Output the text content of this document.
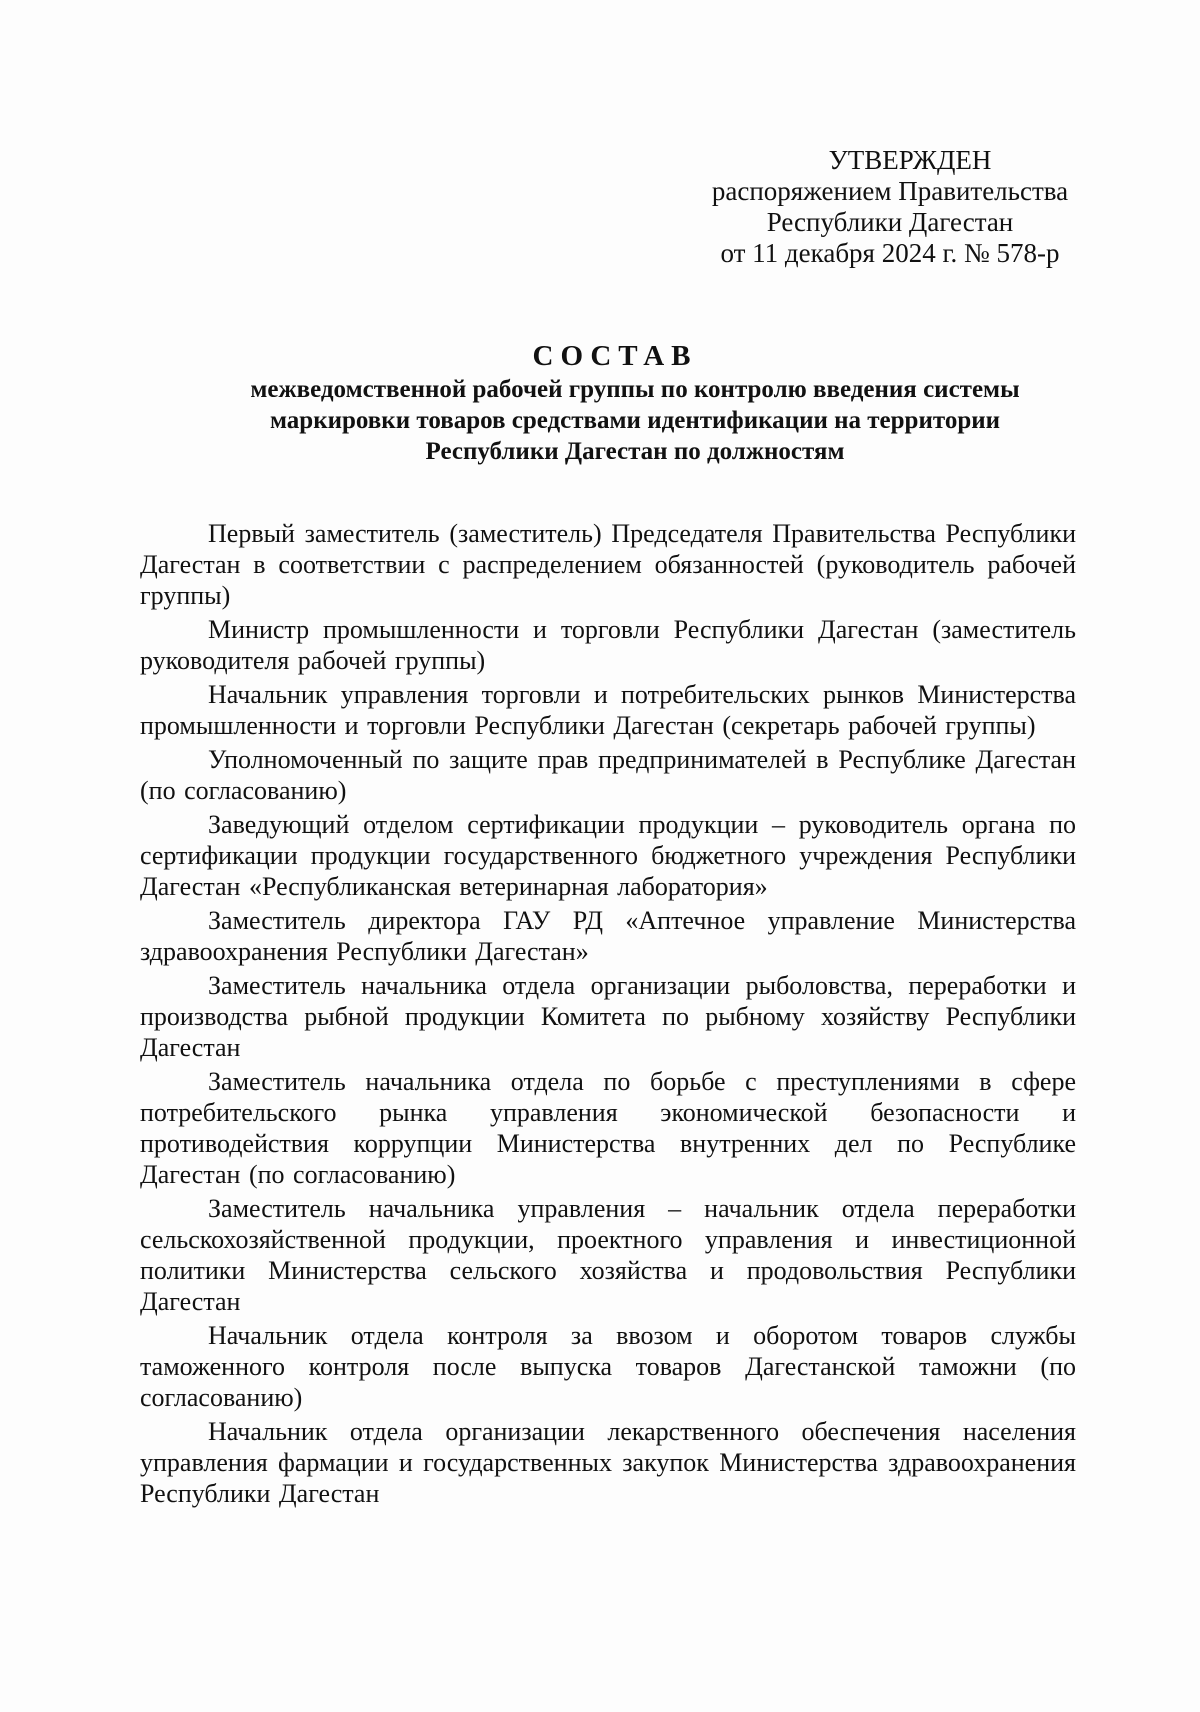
УТВЕРЖДЕН
распоряжением Правительства
Республики Дагестан
от 11 декабря 2024 г. № 578-р
СОСТАВ
межведомственной рабочей группы по контролю введения системы
маркировки товаров средствами идентификации на территории
Республики Дагестан по должностям

Первый заместитель (заместитель) Председателя Правительства Республики Дагестан в соответствии с распределением обязанностей (руководитель рабочей группы)

Министр промышленности и торговли Республики Дагестан (заместитель руководителя рабочей группы)

Начальник управления торговли и потребительских рынков Министерства промышленности и торговли Республики Дагестан (секретарь рабочей группы)

Уполномоченный по защите прав предпринимателей в Республике Дагестан (по согласованию)

Заведующий отделом сертификации продукции – руководитель органа по сертификации продукции государственного бюджетного учреждения Республики Дагестан «Республиканская ветеринарная лаборатория»

Заместитель директора ГАУ РД «Аптечное управление Министерства здравоохранения Республики Дагестан»

Заместитель начальника отдела организации рыболовства, переработки и производства рыбной продукции Комитета по рыбному хозяйству Республики Дагестан

Заместитель начальника отдела по борьбе с преступлениями в сфере потребительского рынка управления экономической безопасности и противодействия коррупции Министерства внутренних дел по Республике Дагестан (по согласованию)

Заместитель начальника управления – начальник отдела переработки сельскохозяйственной продукции, проектного управления и инвестиционной политики Министерства сельского хозяйства и продовольствия Республики Дагестан

Начальник отдела контроля за ввозом и оборотом товаров службы таможенного контроля после выпуска товаров Дагестанской таможни (по согласованию)

Начальник отдела организации лекарственного обеспечения населения управления фармации и государственных закупок Министерства здравоохранения Республики Дагестан
